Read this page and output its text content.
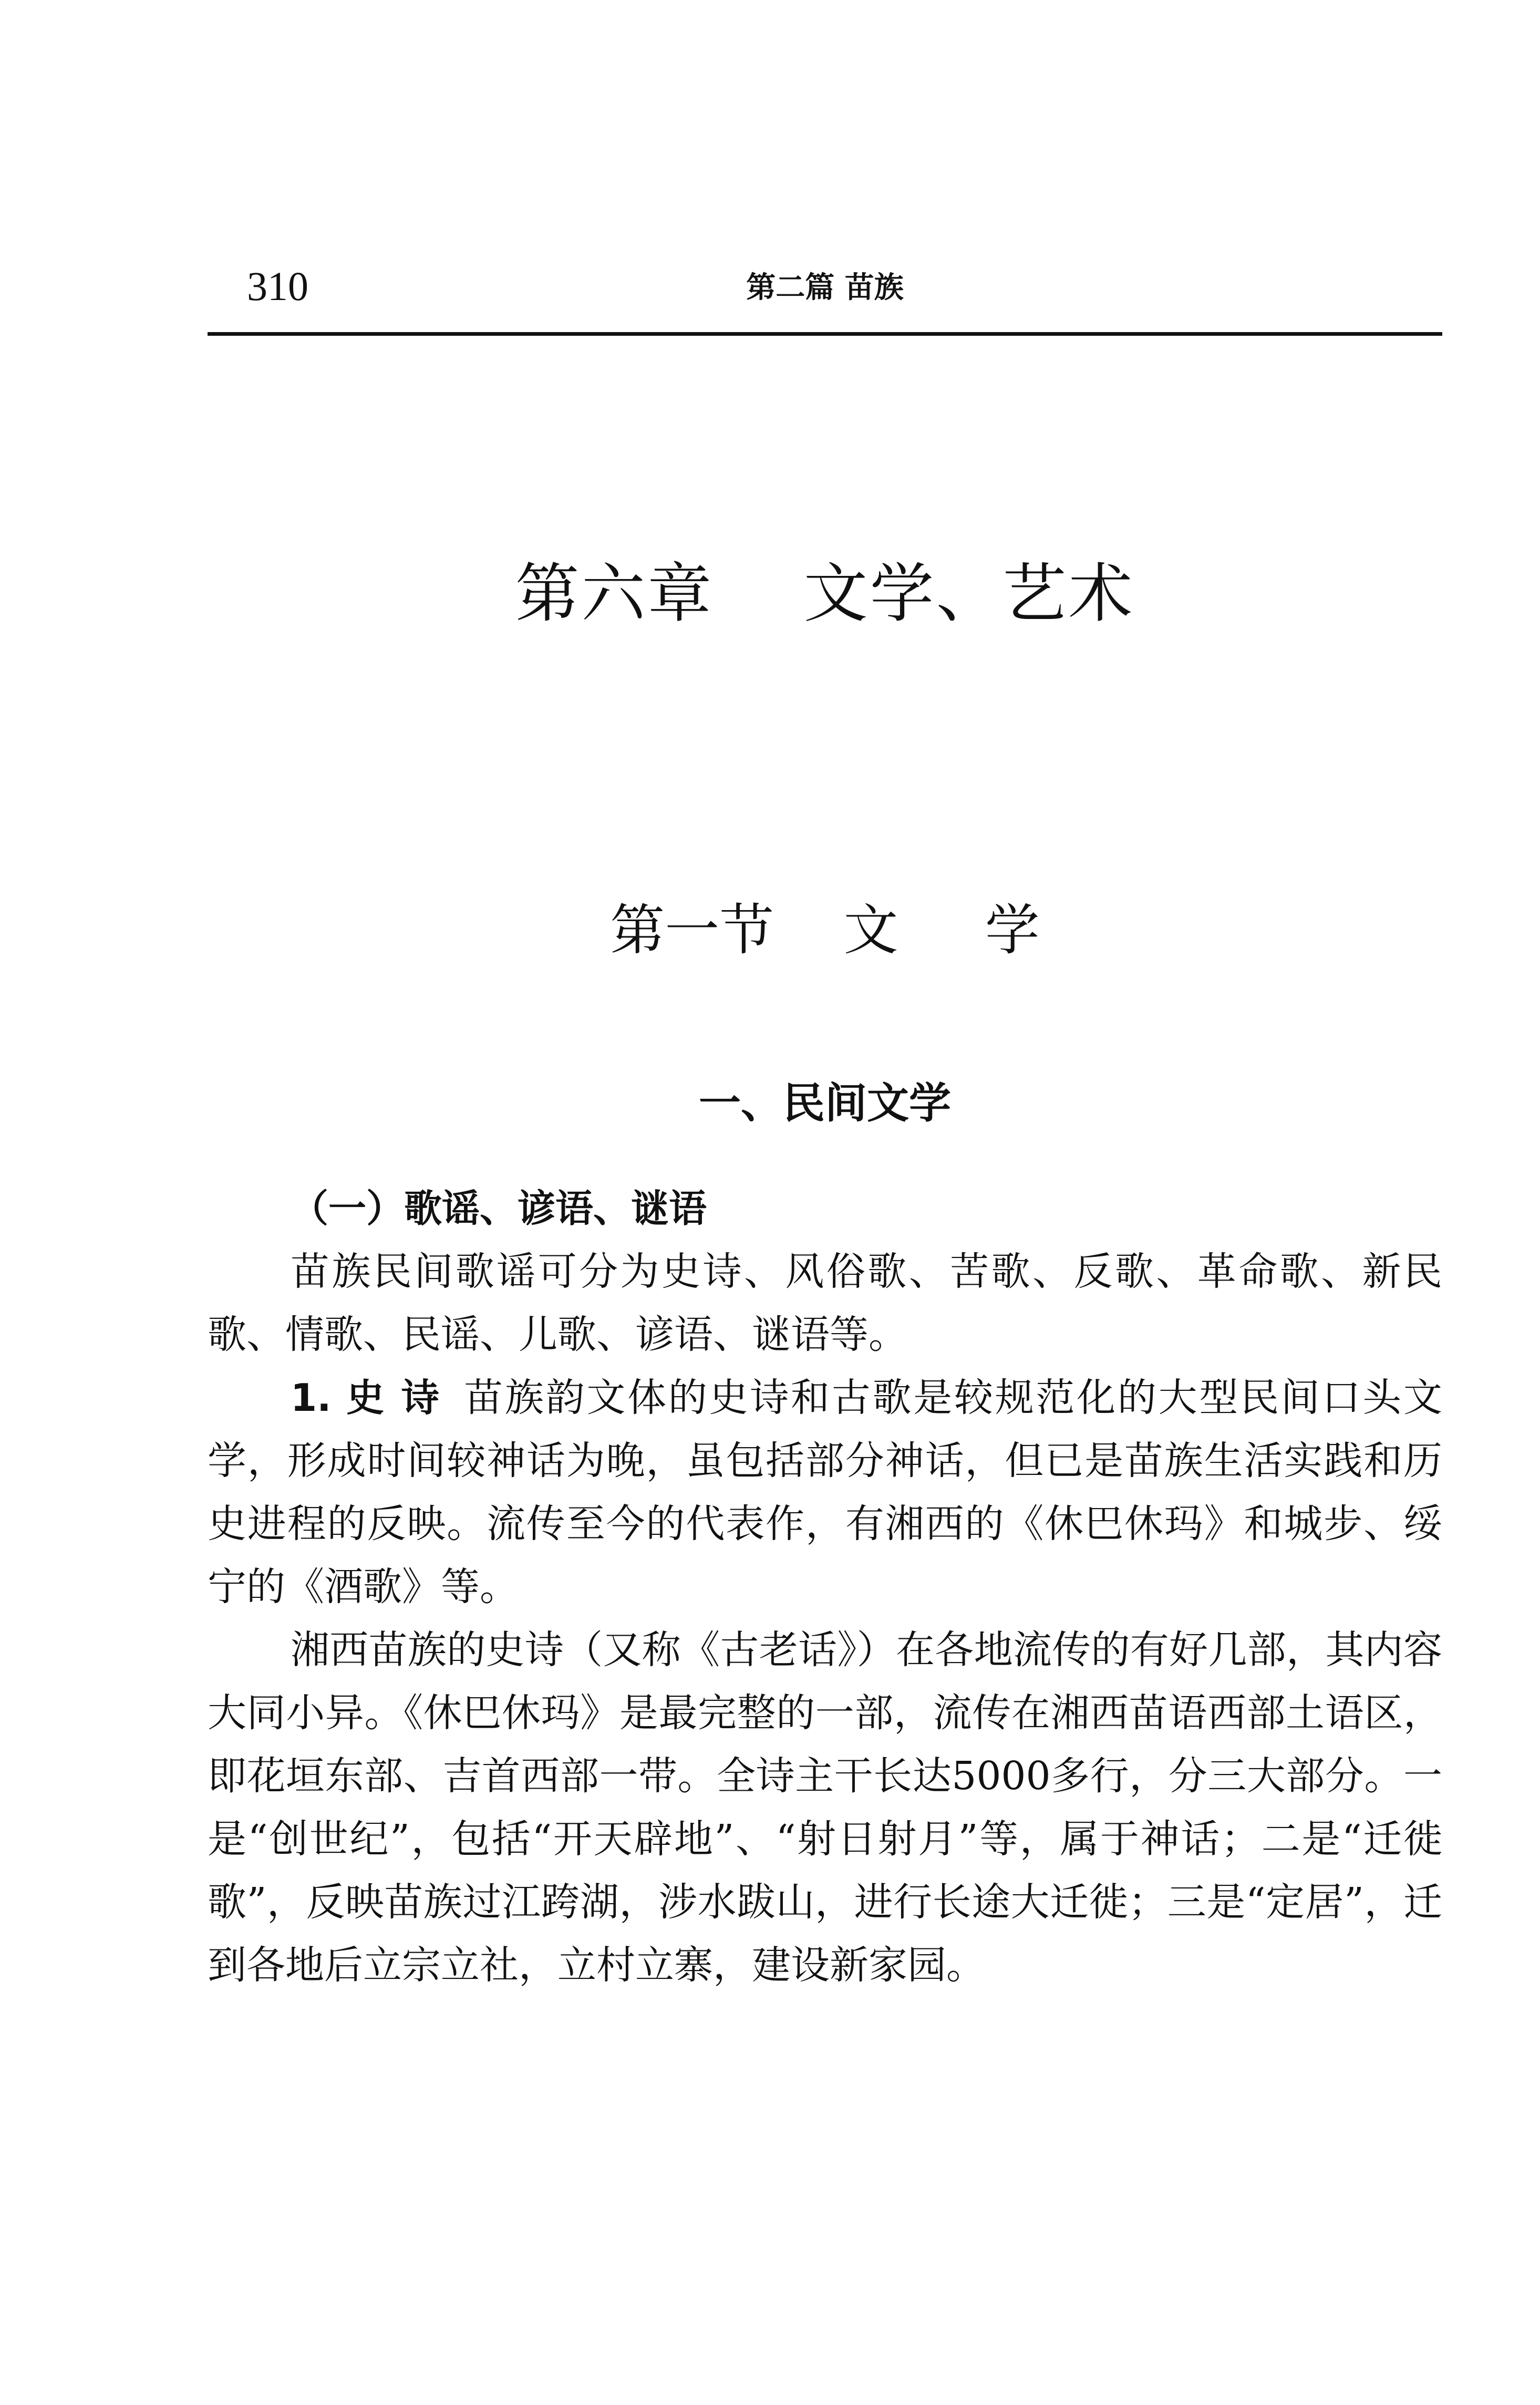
310	第二篇 苗族
第六章    文学、艺术
第一节    文     学
一、民间文学

（一）歌谣、谚语、谜语

苗族民间歌谣可分为史诗、风俗歌、苦歌、反歌、革命歌、新民歌、情歌、民谣、儿歌、谚语、谜语等。

1. 史 诗 苗族韵文体的史诗和古歌是较规范化的大型民间口头文学，形成时间较神话为晚，虽包括部分神话，但已是苗族生活实践和历史进程的反映。流传至今的代表作，有湘西的《休巴休玛》和城步、绥宁的《酒歌》等。

湘西苗族的史诗（又称《古老话》）在各地流传的有好几部，其内容大同小异。《休巴休玛》是最完整的一部，流传在湘西苗语西部土语区，即花垣东部、吉首西部一带。全诗主干长达5000多行，分三大部分。一是“创世纪”，包括“开天辟地”、“射日射月”等，属于神话；二是“迁徙歌”，反映苗族过江跨湖，涉水跋山，进行长途大迁徙；三是“定居”，迁到各地后立宗立社，立村立寨，建设新家园。
